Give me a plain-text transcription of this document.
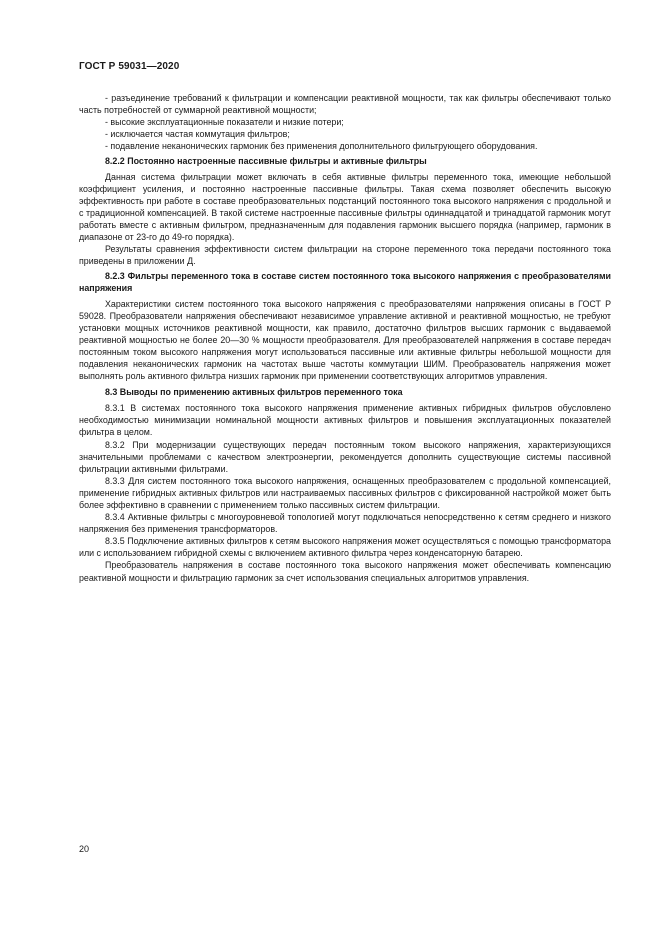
ГОСТ Р 59031—2020

- разъединение требований к фильтрации и компенсации реактивной мощности, так как фильтры обеспечивают только часть потребностей от суммарной реактивной мощности;

- высокие эксплуатационные показатели и низкие потери;

- исключается частая коммутация фильтров;

- подавление неканонических гармоник без применения дополнительного фильтрующего оборудования.

8.2.2 Постоянно настроенные пассивные фильтры и активные фильтры

Данная система фильтрации может включать в себя активные фильтры переменного тока, имеющие небольшой коэффициент усиления, и постоянно настроенные пассивные фильтры. Такая схема позволяет обеспечить высокую эффективность при работе в составе преобразовательных подстанций постоянного тока высокого напряжения с продольной и с традиционной компенсацией. В такой системе настроенные пассивные фильтры одиннадцатой и тринадцатой гармоник могут работать вместе с активным фильтром, предназначенным для подавления гармоник высшего порядка (например, гармоник в диапазоне от 23-го до 49-го порядка).

Результаты сравнения эффективности систем фильтрации на стороне переменного тока передачи постоянного тока приведены в приложении Д.

8.2.3 Фильтры переменного тока в составе систем постоянного тока высокого напряжения с преобразователями напряжения

Характеристики систем постоянного тока высокого напряжения с преобразователями напряжения описаны в ГОСТ Р 59028. Преобразователи напряжения обеспечивают независимое управление активной и реактивной мощностью, не требуют установки мощных источников реактивной мощности, как правило, достаточно фильтров высших гармоник с выдаваемой реактивной мощностью не более 20—30 % мощности преобразователя. Для преобразователей напряжения в составе передач постоянным током высокого напряжения могут использоваться пассивные или активные фильтры небольшой мощности для подавления неканонических гармоник на частотах выше частоты коммутации ШИМ. Преобразователь напряжения может выполнять роль активного фильтра низших гармоник при применении соответствующих алгоритмов управления.

8.3 Выводы по применению активных фильтров переменного тока

8.3.1 В системах постоянного тока высокого напряжения применение активных гибридных фильтров обусловлено необходимостью минимизации номинальной мощности активных фильтров и повышения эксплуатационных показателей фильтра в целом.

8.3.2 При модернизации существующих передач постоянным током высокого напряжения, характеризующихся значительными проблемами с качеством электроэнергии, рекомендуется дополнить существующие системы пассивной фильтрации активными фильтрами.

8.3.3 Для систем постоянного тока высокого напряжения, оснащенных преобразователем с продольной компенсацией, применение гибридных активных фильтров или настраиваемых пассивных фильтров с фиксированной настройкой может быть более эффективно в сравнении с применением только пассивных систем фильтрации.

8.3.4 Активные фильтры с многоуровневой топологией могут подключаться непосредственно к сетям среднего и низкого напряжения без применения трансформаторов.

8.3.5 Подключение активных фильтров к сетям высокого напряжения может осуществляться с помощью трансформатора или с использованием гибридной схемы с включением активного фильтра через конденсаторную батарею.

Преобразователь напряжения в составе постоянного тока высокого напряжения может обеспечивать компенсацию реактивной мощности и фильтрацию гармоник за счет использования специальных алгоритмов управления.

20
